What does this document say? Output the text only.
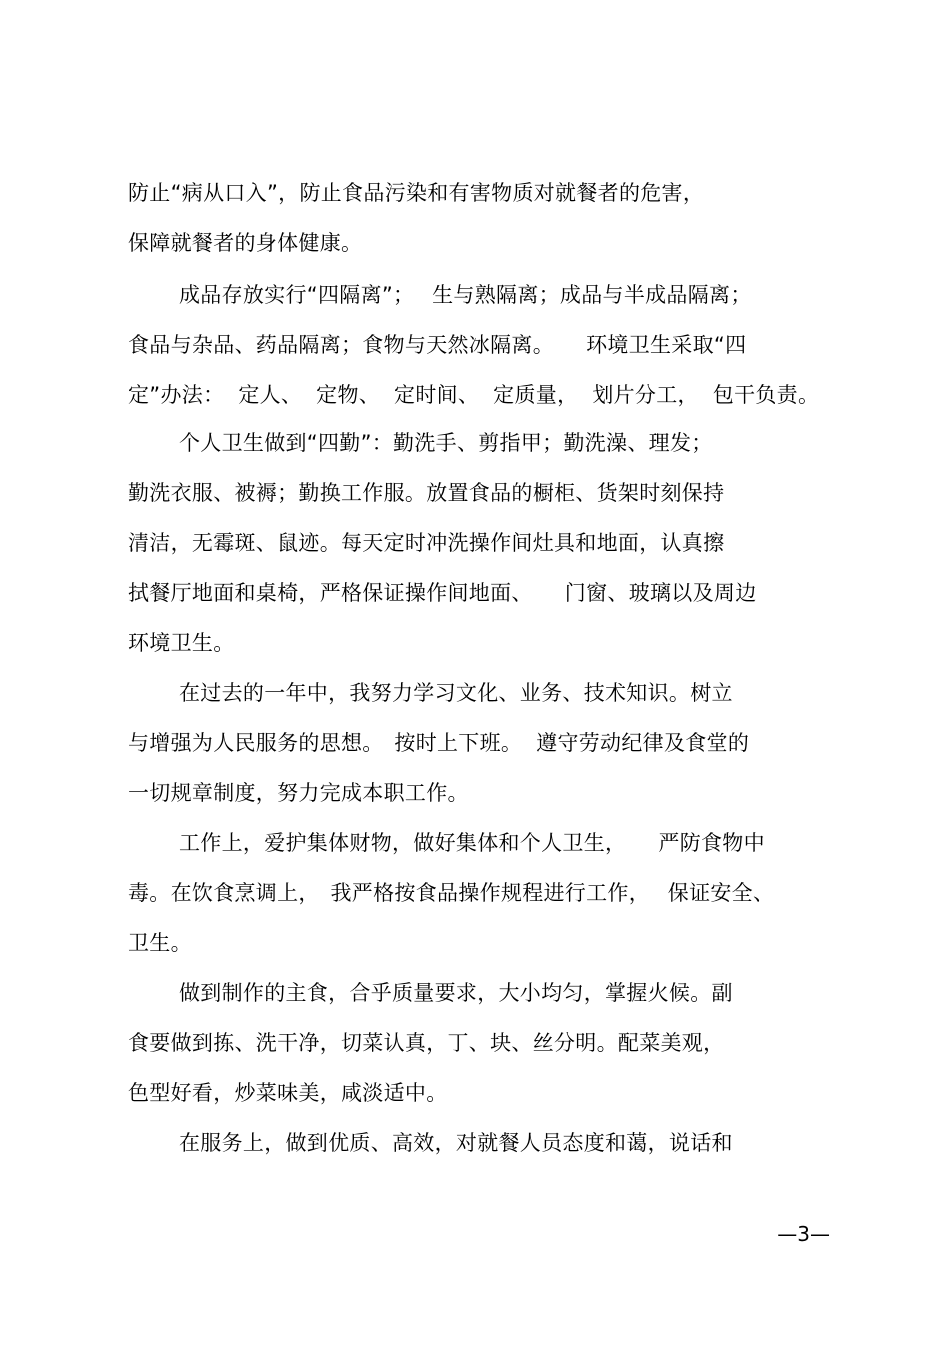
防止“病从口入”，防止食品污染和有害物质对就餐者的危害，
保障就餐者的身体健康。
成品存放实行“四隔离”；　 生与熟隔离；成品与半成品隔离；
食品与杂品、药品隔离；食物与天然冰隔离。　　环境卫生采取“四
定”办法：  定人、  定物、  定时间、  定质量，  划片分工，  包干负责。
个人卫生做到“四勤”：勤洗手、剪指甲；勤洗澡、理发；
勤洗衣服、被褥；勤换工作服。放置食品的橱柜、货架时刻保持
清洁，无霉斑、鼠迹。每天定时冲洗操作间灶具和地面，认真擦
拭餐厅地面和桌椅，严格保证操作间地面、　　门窗、玻璃以及周边
环境卫生。
在过去的一年中，我努力学习文化、业务、技术知识。树立
与增强为人民服务的思想。　按时上下班。  遵守劳动纪律及食堂的
一切规章制度，努力完成本职工作。
工作上，爱护集体财物，做好集体和个人卫生，　　严防食物中
毒。在饮食烹调上，　我严格按食品操作规程进行工作，　 保证安全、
卫生。
做到制作的主食，合乎质量要求，大小均匀，掌握火候。副
食要做到拣、洗干净，切菜认真，丁、块、丝分明。配菜美观，
色型好看，炒菜味美，咸淡适中。
在服务上，做到优质、高效，对就餐人员态度和蔼，说话和
—3—
